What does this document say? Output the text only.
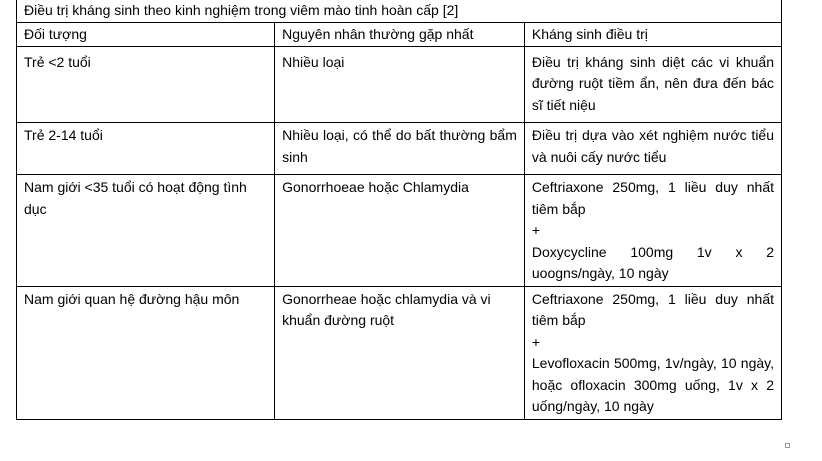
Điều trị kháng sinh theo kinh nghiệm trong viêm mào tinh hoàn cấp [2]		
Đối tượng	Nguyên nhân thường gặp nhất	Kháng sinh điều trị
Trẻ <2 tuổi	Nhiều loại	Điều trị kháng sinh diệt các vi khuẩn đường ruột tiềm ẩn, nên đưa đến bác sĩ tiết niệu

Trẻ 2-14 tuổi	Nhiều loại, có thể do bất thường bẩm sinh	Điều trị dựa vào xét nghiệm nước tiểu và nuôi cấy nước tiểu

Nam giới <35 tuổi có hoạt động tình dục	Gonorrhoeae hoặc Chlamydia	Ceftriaxone 250mg, 1 liều duy nhất tiêm bắp
+
Doxycycline 100mg 1v x 2 uoogns/ngày, 10 ngày

Nam giới quan hệ đường hậu môn	Gonorrheae hoặc chlamydia và vi khuẩn đường ruột	Ceftriaxone 250mg, 1 liều duy nhất tiêm bắp
+
Levofloxacin 500mg, 1v/ngày, 10 ngày, hoặc ofloxacin 300mg uống, 1v x 2 uống/ngày, 10 ngày
